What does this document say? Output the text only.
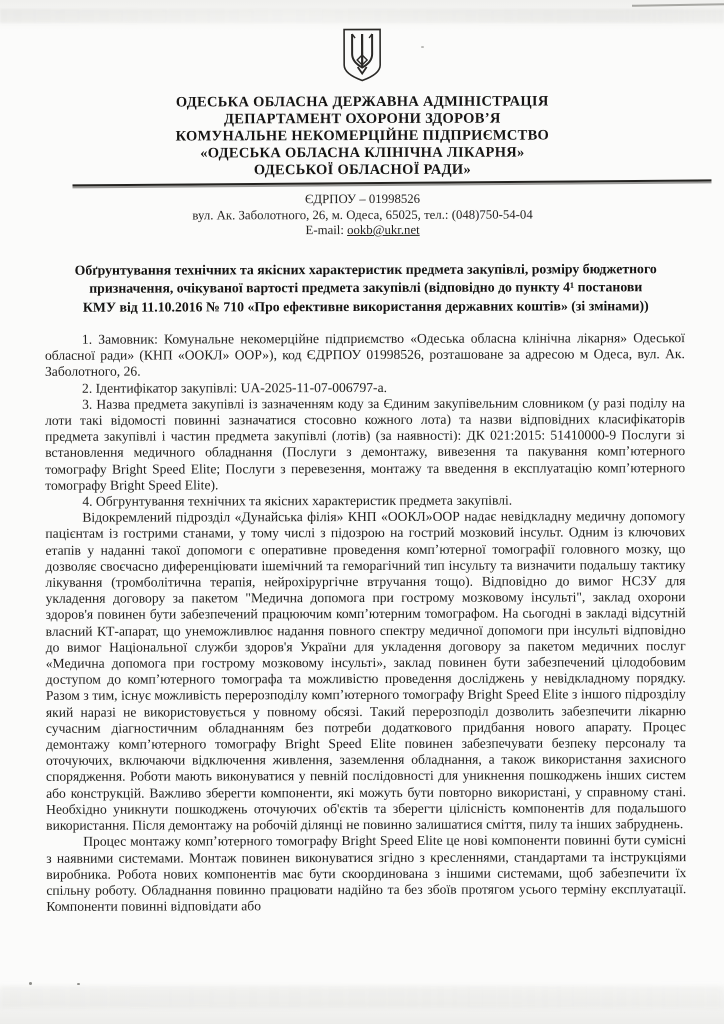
ОДЕСЬКА ОБЛАСНА ДЕРЖАВНА АДМІНІСТРАЦІЯ
ДЕПАРТАМЕНТ ОХОРОНИ ЗДОРОВ’Я
КОМУНАЛЬНЕ НЕКОМЕРЦІЙНЕ ПІДПРИЄМСТВО
«ОДЕСЬКА ОБЛАСНА КЛІНІЧНА ЛІКАРНЯ»
ОДЕСЬКОЇ ОБЛАСНОЇ РАДИ»
ЄДРПОУ – 01998526
вул. Ак. Заболотного, 26, м. Одеса, 65025, тел.: (048)750-54-04
E-mail: ookb@ukr.net
Обґрунтування технічних та якісних характеристик предмета закупівлі, розміру бюджетного
призначення, очікуваної вартості предмета закупівлі (відповідно до пункту 4¹ постанови
КМУ від 11.10.2016 № 710 «Про ефективне використання державних коштів» (зі змінами))

1. Замовник: Комунальне некомерційне підприємство «Одеська обласна клінічна лікарня» Одеської обласної ради» (КНП «ООКЛ» ООР»), код ЄДРПОУ 01998526, розташоване за адресою м Одеса, вул. Ак. Заболотного, 26.

2. Ідентифікатор закупівлі: UA-2025-11-07-006797-а.

3. Назва предмета закупівлі із зазначенням коду за Єдиним закупівельним словником (у разі поділу на лоти такі відомості повинні зазначатися стосовно кожного лота) та назви відповідних класифікаторів предмета закупівлі і частин предмета закупівлі (лотів) (за наявності): ДК 021:2015: 51410000-9 Послуги зі встановлення медичного обладнання (Послуги з демонтажу, вивезення та пакування комп’ютерного томографу Bright Speed Elite; Послуги з перевезення, монтажу та введення в експлуатацію комп’ютерного томографу Bright Speed Elite).

4. Обгрунтування технічних та якісних характеристик предмета закупівлі.

Відокремлений підрозділ «Дунайська філія» КНП «ООКЛ»ООР надає невідкладну медичну допомогу пацієнтам із гострими станами, у тому числі з підозрою на гострий мозковий інсульт. Одним із ключових етапів у наданні такої допомоги є оперативне проведення комп’ютерної томографії головного мозку, що дозволяє своєчасно диференціювати ішемічний та геморагічний тип інсульту та визначити подальшу тактику лікування (тромболітична терапія, нейрохірургічне втручання тощо). Відповідно до вимог НСЗУ для укладення договору за пакетом "Медична допомога при гострому мозковому інсульті", заклад охорони здоров'я повинен бути забезпечений працюючим комп’ютерним томографом. На сьогодні в закладі відсутній власний КТ-апарат, що унеможливлює надання повного спектру медичної допомоги при інсульті відповідно до вимог Національної служби здоров'я України для укладення договору за пакетом медичних послуг «Медична допомога при гострому мозковому інсульті», заклад повинен бути забезпечений цілодобовим доступом до комп’ютерного томографа та можливістю проведення досліджень у невідкладному порядку. Разом з тим, існує можливість перерозподілу комп’ютерного томографу Bright Speed Elite з іншого підрозділу який наразі не використовується у повному обсязі. Такий перерозподіл дозволить забезпечити лікарню сучасним діагностичним обладнанням без потреби додаткового придбання нового апарату. Процес демонтажу комп’ютерного томографу Bright Speed Elite повинен забезпечувати безпеку персоналу та оточуючих, включаючи відключення живлення, заземлення обладнання, а також використання захисного спорядження. Роботи мають виконуватися у певній послідовності для уникнення пошкоджень інших систем або конструкцій. Важливо зберегти компоненти, які можуть бути повторно використані, у справному стані. Необхідно уникнути пошкоджень оточуючих об'єктів та зберегти цілісність компонентів для подальшого використання. Після демонтажу на робочій ділянці не повинно залишатися сміття, пилу та інших забруднень.

Процес монтажу комп’ютерного томографу Bright Speed Elite це нові компоненти повинні бути сумісні з наявними системами. Монтаж повинен виконуватися згідно з кресленнями, стандартами та інструкціями виробника. Робота нових компонентів має бути скоординована з іншими системами, щоб забезпечити їх спільну роботу. Обладнання повинно працювати надійно та без збоїв протягом усього терміну експлуатації. Компоненти повинні відповідати або
